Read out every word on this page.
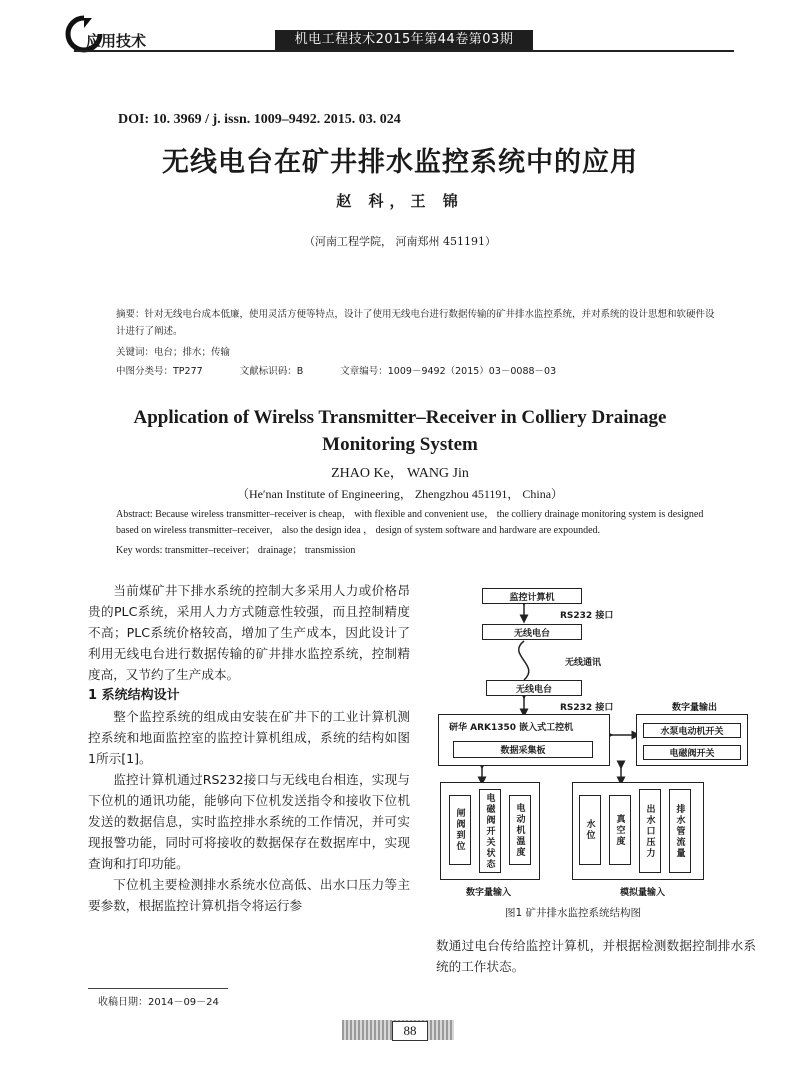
应用技术	机电工程技术2015年第44卷第03期
DOI: 10. 3969 / j. issn. 1009–9492. 2015. 03. 024
无线电台在矿井排水监控系统中的应用
赵 科，王 锦
（河南工程学院， 河南郑州 451191）
摘要：针对无线电台成本低廉，使用灵活方便等特点，设计了使用无线电台进行数据传输的矿井排水监控系统，并对系统的设计思想和软硬件设计进行了阐述。
关键词：电台；排水；传输
中图分类号：TP277	文献标识码：B	文章编号：1009－9492（2015）03－0088－03
Application of Wirelss Transmitter–Receiver in Colliery Drainage
Monitoring System
ZHAO Ke， WANG Jin
（He′nan Institute of Engineering， Zhengzhou 451191， China）
Abstract: Because wireless transmitter–receiver is cheap， with flexible and convenient use， the colliery drainage monitoring system is designed based on wireless transmitter–receiver， also the design idea ， design of system software and hardware are expounded.
Key words: transmitter–receiver； drainage； transmission

当前煤矿井下排水系统的控制大多采用人力或价格昂贵的PLC系统，采用人力方式随意性较强，而且控制精度不高；PLC系统价格较高，增加了生产成本，因此设计了利用无线电台进行数据传输的矿井排水监控系统，控制精度高，又节约了生产成本。

1 系统结构设计

整个监控系统的组成由安装在矿井下的工业计算机测控系统和地面监控室的监控计算机组成，系统的结构如图1所示[1]。

监控计算机通过RS232接口与无线电台相连，实现与下位机的通讯功能，能够向下位机发送指令和接收下位机发送的数据信息，实时监控排水系统的工作情况，并可实现报警功能，同时可将接收的数据保存在数据库中，实现查询和打印功能。

下位机主要检测排水系统水位高低、出水口压力等主要参数，根据监控计算机指令将运行参

监控计算机
RS232 接口
无线电台
无线通讯
无线电台
RS232 接口	数字量输出
研华 ARK1350 嵌入式工控机
数据采集板
水泵电动机开关
电磁阀开关
闸阀到位	电磁阀开关状态	电动机温度	水位	真空度	出水口压力	排水管流量
数字量输入	模拟量输入
图1 矿井排水监控系统结构图

数通过电台传给监控计算机，并根据检测数据控制排水系统的工作状态。

收稿日期：2014－09－24
88
